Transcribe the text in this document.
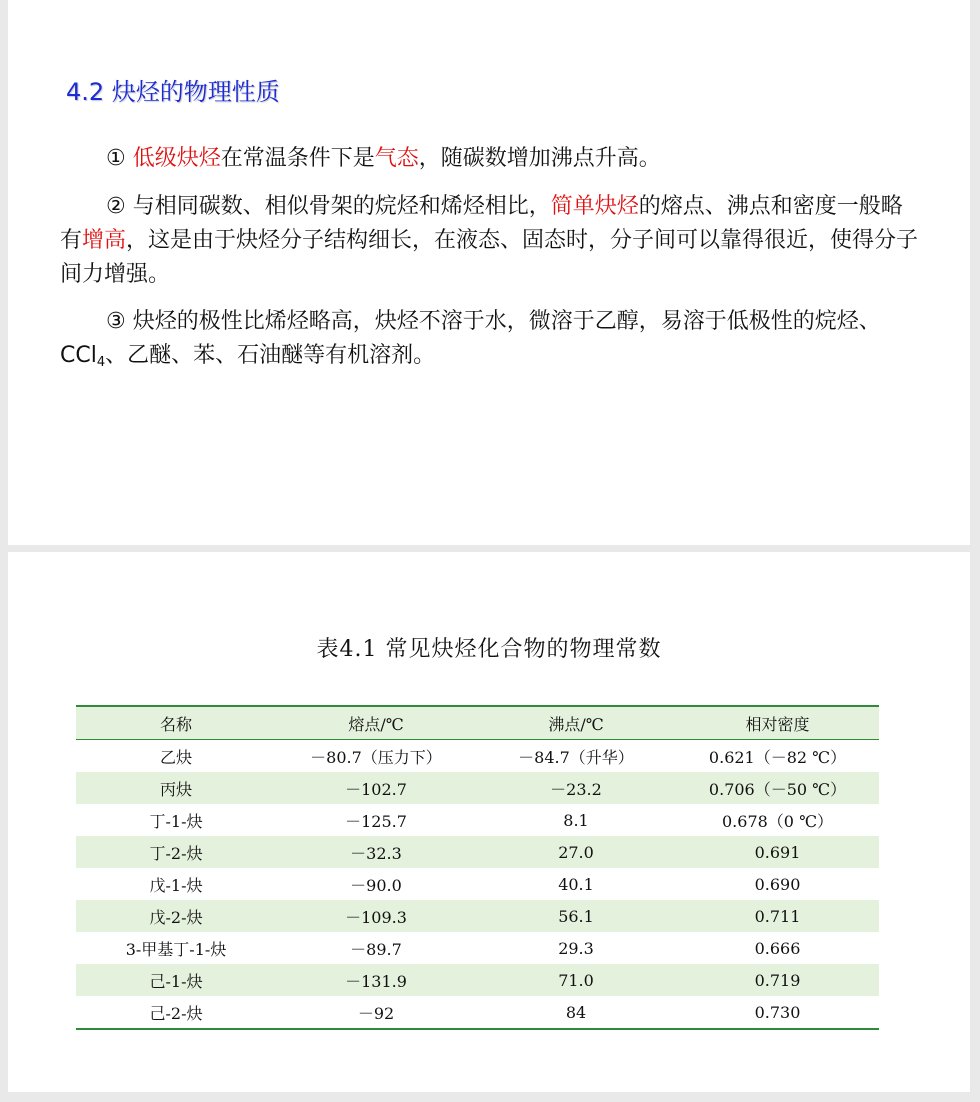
4.2 炔烃的物理性质
① 低级炔烃在常温条件下是气态，随碳数增加沸点升高。
② 与相同碳数、相似骨架的烷烃和烯烃相比，简单炔烃的熔点、沸点和密度一般略有增高，这是由于炔烃分子结构细长，在液态、固态时，分子间可以靠得很近，使得分子间力增强。
③ 炔烃的极性比烯烃略高，炔烃不溶于水，微溶于乙醇，易溶于低极性的烷烃、CCl$_4$、乙醚、苯、石油醚等有机溶剂。
表4.1 常见炔烃化合物的物理常数
名称	熔点/℃	沸点/℃	相对密度
乙炔	－80.7（压力下）	－84.7（升华）	0.621（－82 ℃）
丙炔	－102.7	－23.2	0.706（－50 ℃）
丁-1-炔	－125.7	8.1	0.678（0 ℃）
丁-2-炔	－32.3	27.0	0.691
戊-1-炔	－90.0	40.1	0.690
戊-2-炔	－109.3	56.1	0.711
3-甲基丁-1-炔	－89.7	29.3	0.666
己-1-炔	－131.9	71.0	0.719
己-2-炔	－92	84	0.730
